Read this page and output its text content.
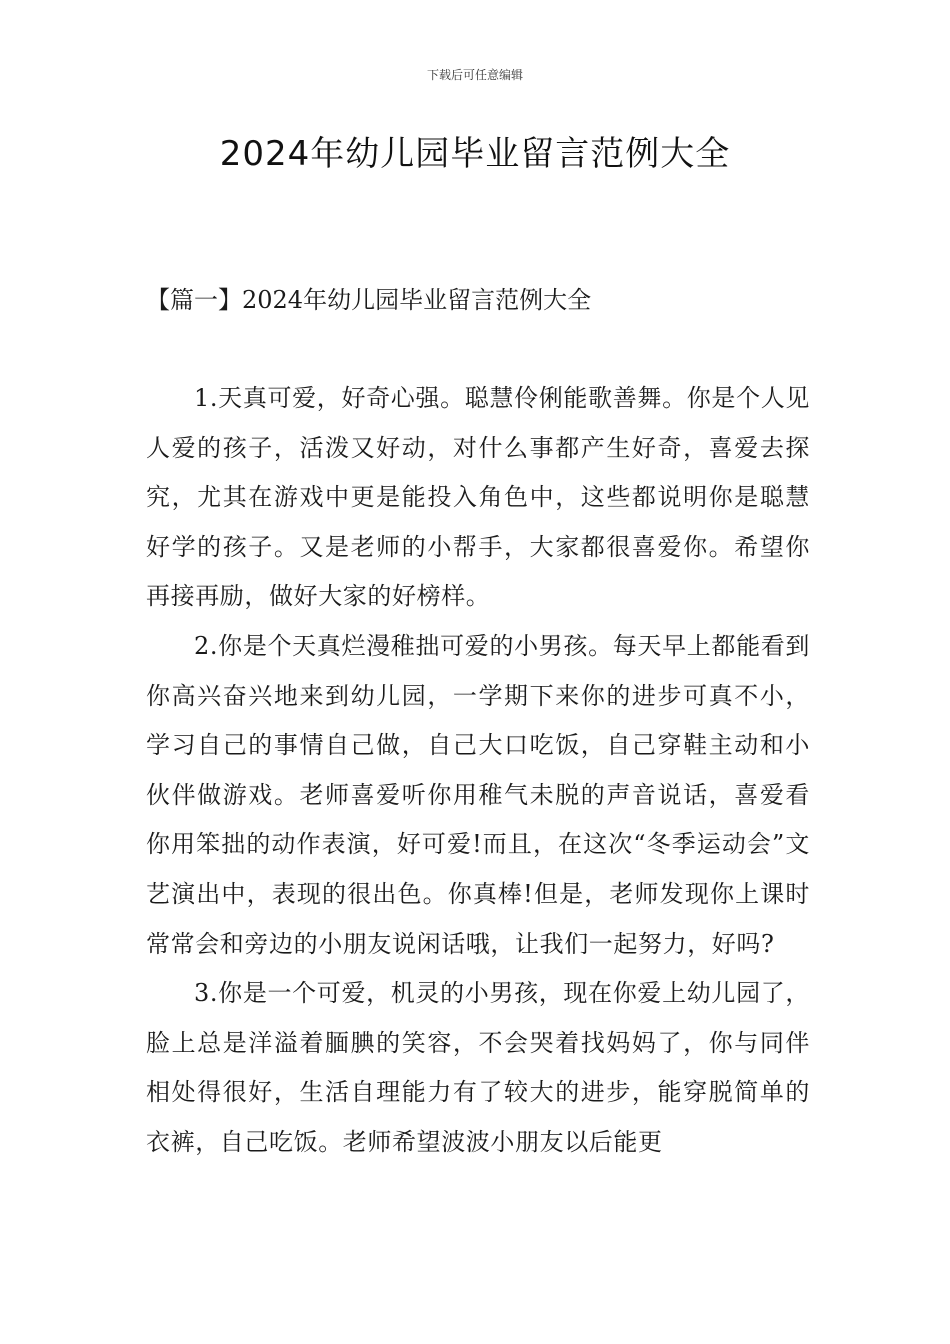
下载后可任意编辑
2024年幼儿园毕业留言范例大全
【篇一】2024年幼儿园毕业留言范例大全

1.天真可爱，好奇心强。聪慧伶俐能歌善舞。你是个人见人爱的孩子，活泼又好动，对什么事都产生好奇，喜爱去探究，尤其在游戏中更是能投入角色中，这些都说明你是聪慧好学的孩子。又是老师的小帮手，大家都很喜爱你。希望你再接再励，做好大家的好榜样。

2.你是个天真烂漫稚拙可爱的小男孩。每天早上都能看到你高兴奋兴地来到幼儿园，一学期下来你的进步可真不小，学习自己的事情自己做，自己大口吃饭，自己穿鞋主动和小伙伴做游戏。老师喜爱听你用稚气未脱的声音说话，喜爱看你用笨拙的动作表演，好可爱!而且，在这次“冬季运动会”文艺演出中，表现的很出色。你真棒!但是，老师发现你上课时常常会和旁边的小朋友说闲话哦，让我们一起努力，好吗?

3.你是一个可爱，机灵的小男孩，现在你爱上幼儿园了，脸上总是洋溢着腼腆的笑容，不会哭着找妈妈了，你与同伴相处得很好，生活自理能力有了较大的进步，能穿脱简单的衣裤，自己吃饭。老师希望波波小朋友以后能更
